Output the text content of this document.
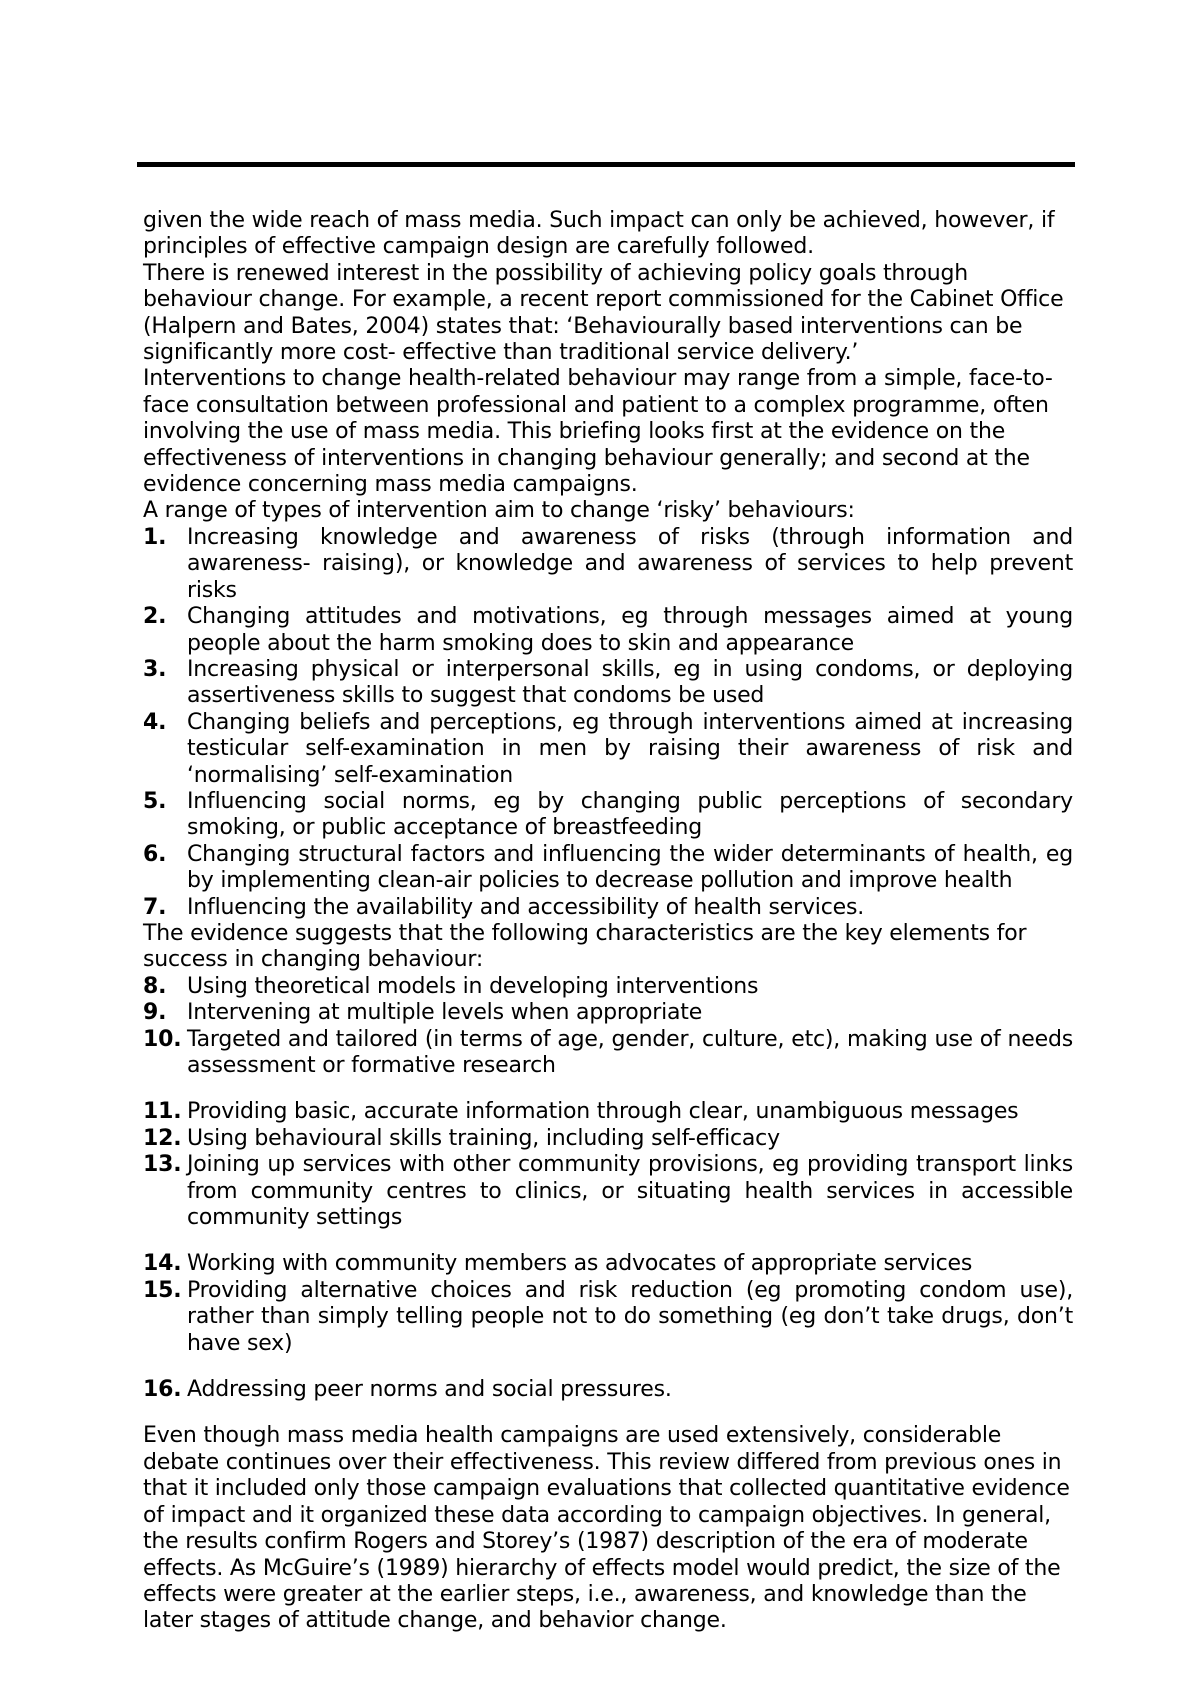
given the wide reach of mass media. Such impact can only be achieved, however, if principles of effective campaign design are carefully followed.

There is renewed interest in the possibility of achieving policy goals through behaviour change. For example, a recent report commissioned for the Cabinet Office (Halpern and Bates, 2004) states that: ‘Behaviourally based interventions can be significantly more cost- effective than traditional service delivery.’

Interventions to change health-related behaviour may range from a simple, face-to-face consultation between professional and patient to a complex programme, often involving the use of mass media. This briefing looks first at the evidence on the effectiveness of interventions in changing behaviour generally; and second at the evidence concerning mass media campaigns.

A range of types of intervention aim to change ‘risky’ behaviours:

1. Increasing knowledge and awareness of risks (through information and awareness- raising), or knowledge and awareness of services to help prevent risks
2. Changing attitudes and motivations, eg through messages aimed at young people about the harm smoking does to skin and appearance
3. Increasing physical or interpersonal skills, eg in using condoms, or deploying assertiveness skills to suggest that condoms be used
4. Changing beliefs and perceptions, eg through interventions aimed at increasing testicular self-examination in men by raising their awareness of risk and ‘normalising’ self-examination
5. Influencing social norms, eg by changing public perceptions of secondary smoking, or public acceptance of breastfeeding
6. Changing structural factors and influencing the wider determinants of health, eg by implementing clean-air policies to decrease pollution and improve health
7. Influencing the availability and accessibility of health services.

The evidence suggests that the following characteristics are the key elements for success in changing behaviour:

8. Using theoretical models in developing interventions
9. Intervening at multiple levels when appropriate
10. Targeted and tailored (in terms of age, gender, culture, etc), making use of needs assessment or formative research
11. Providing basic, accurate information through clear, unambiguous messages
12. Using behavioural skills training, including self-efficacy
13. Joining up services with other community provisions, eg providing transport links from community centres to clinics, or situating health services in accessible community settings
14. Working with community members as advocates of appropriate services
15. Providing alternative choices and risk reduction (eg promoting condom use), rather than simply telling people not to do something (eg don’t take drugs, don’t have sex)
16. Addressing peer norms and social pressures.

Even though mass media health campaigns are used extensively, considerable debate continues over their effectiveness. This review differed from previous ones in that it included only those campaign evaluations that collected quantitative evidence of impact and it organized these data according to campaign objectives. In general, the results confirm Rogers and Storey’s (1987) description of the era of moderate effects. As McGuire’s (1989) hierarchy of effects model would predict, the size of the effects were greater at the earlier steps, i.e., awareness, and knowledge than the later stages of attitude change, and behavior change.
